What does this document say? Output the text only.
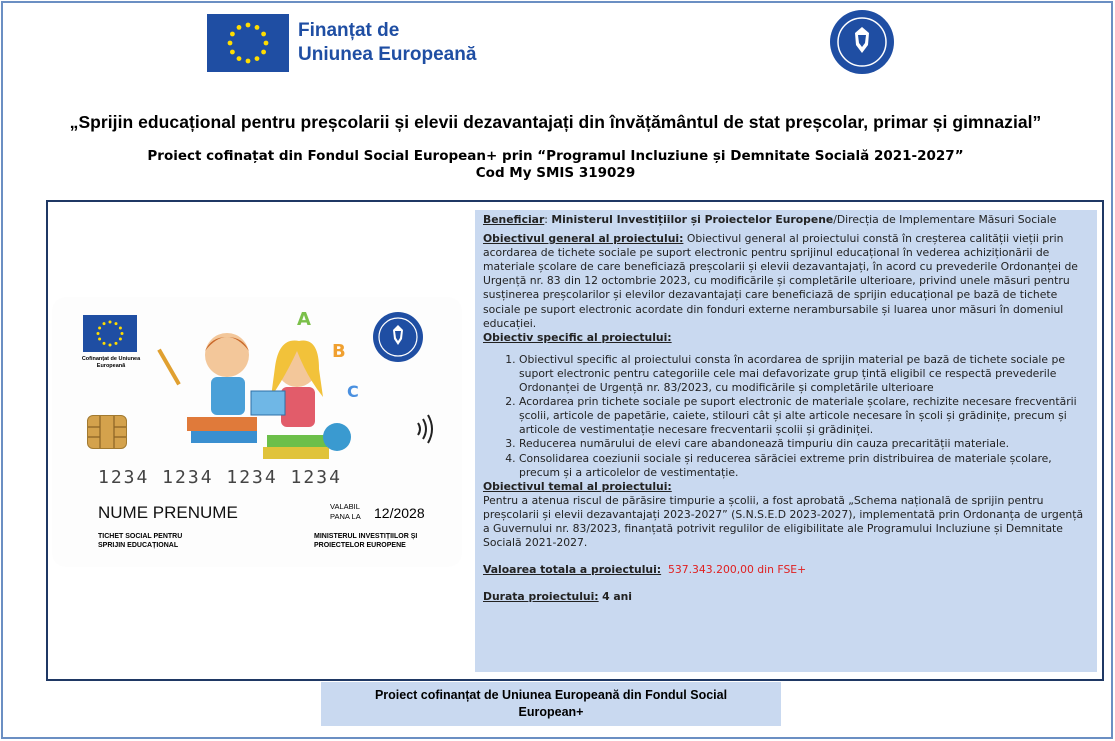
Finanțat de
Uniunea Europeană
„Sprijin educațional pentru preșcolarii și elevii dezavantajați din învățământul de stat preșcolar, primar și gimnazial”
Proiect cofinațat din Fondul Social European+ prin “Programul Incluziune și Demnitate Socială 2021-2027”
Cod My SMIS 319029
Cofinanțat de Uniunea Europeană
A
B
C
1234 1234 1234 1234
NUME PRENUME	VALABIL
PANA LA 12/2028
TICHET SOCIAL PENTRU
SPRIJIN EDUCAȚIONAL
MINISTERUL INVESTIȚIILOR ȘI
PROIECTELOR EUROPENE

Beneficiar: Ministerul Investițiilor și Proiectelor Europene/Direcția de Implementare Măsuri Sociale

Obiectivul general al proiectului: Obiectivul general al proiectului constă în creșterea calității vieții prin acordarea de tichete sociale pe suport electronic pentru sprijinul educațional în vederea achiziționării de materiale școlare de care beneficiază preșcolarii și elevii dezavantajați, în acord cu prevederile Ordonanței de Urgență nr. 83 din 12 octombrie 2023, cu modificările și completările ulterioare, privind unele măsuri pentru susținerea preșcolarilor și elevilor dezavantajați care beneficiază de sprijin educațional pe bază de tichete sociale pe suport electronic acordate din fonduri externe nerambursabile și luarea unor măsuri în domeniul educației.

Obiectiv specific al proiectului:
1. Obiectivul specific al proiectului consta în acordarea de sprijin material pe bază de tichete sociale pe suport electronic pentru categoriile cele mai defavorizate grup țintă eligibil ce respectă prevederile Ordonanței de Urgență nr. 83/2023, cu modificările și completările ulterioare
2. Acordarea prin tichete sociale pe suport electronic de materiale școlare, rechizite necesare frecventării școlii, articole de papetărie, caiete, stilouri cât și alte articole necesare în școli și grădinițe, precum și articole de vestimentație necesare frecventarii școlii și grădiniței.
3. Reducerea numărului de elevi care abandonează timpuriu din cauza precarității materiale.
4. Consolidarea coeziunii sociale și reducerea sărăciei extreme prin distribuirea de materiale școlare, precum și a articolelor de vestimentație.
Obiectivul temal al proiectului:

Pentru a atenua riscul de părăsire timpurie a școlii, a fost aprobată „Schema națională de sprijin pentru preșcolarii și elevii dezavantajați 2023-2027” (S.N.S.E.D 2023-2027), implementată prin Ordonanța de urgență a Guvernului nr. 83/2023, finanțată potrivit regulilor de eligibilitate ale Programului Incluziune și Demnitate Socială 2021-2027.

Valoarea totala a proiectului: 537.343.200,00 din FSE+

Durata proiectului: 4 ani

Proiect cofinanțat de Uniunea Europeană din Fondul Social
European+
